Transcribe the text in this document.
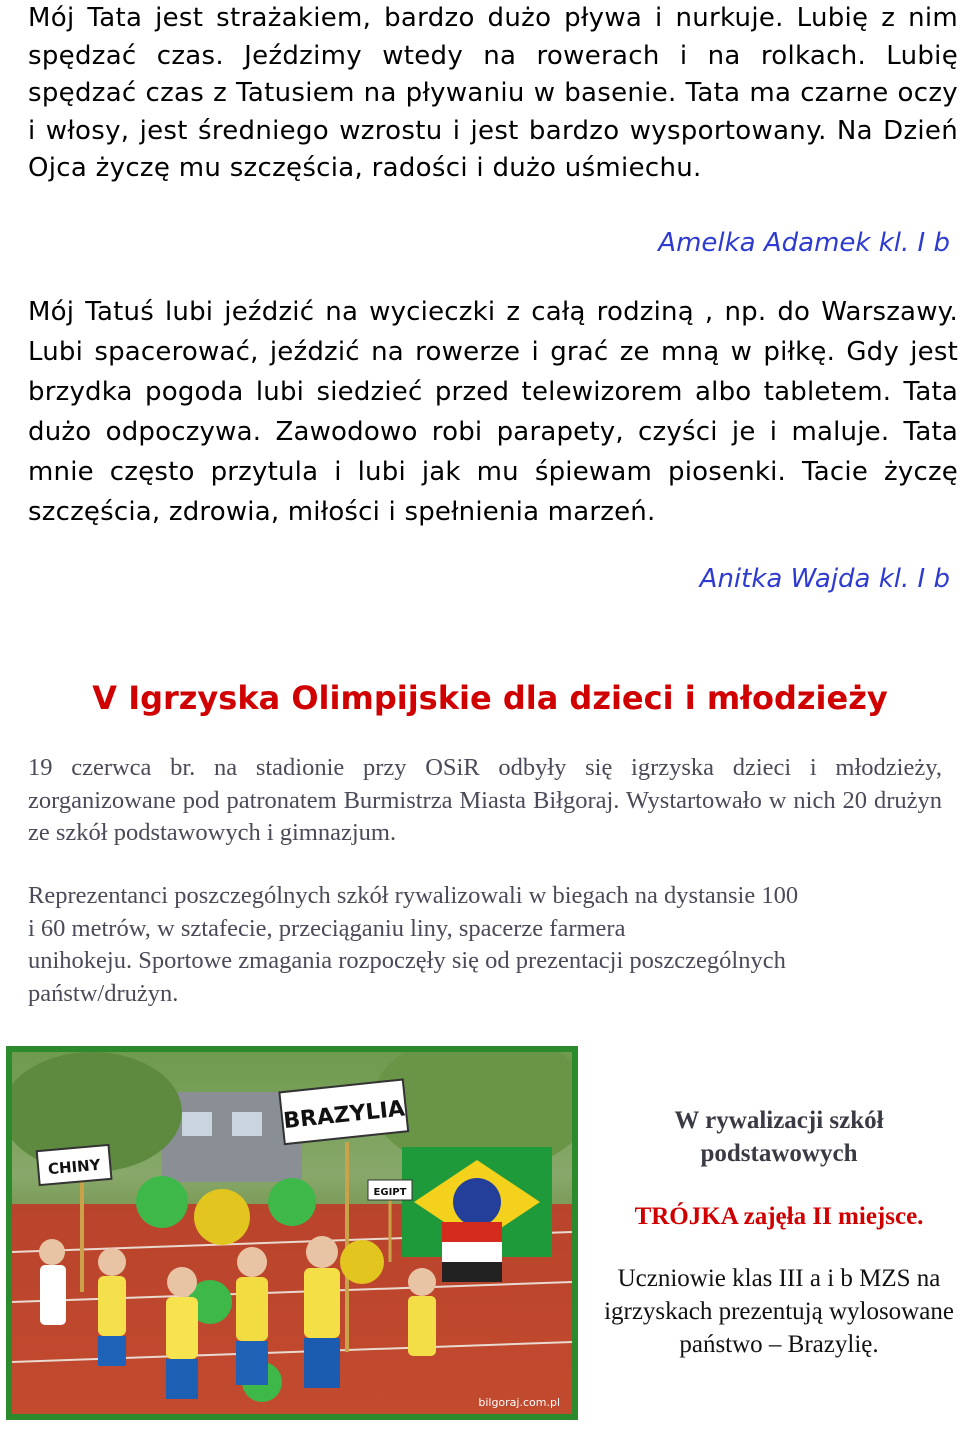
Mój Tata jest strażakiem, bardzo dużo pływa i nurkuje. Lubię z nim spędzać czas. Jeździmy wtedy na rowerach i na rolkach. Lubię spędzać czas z Tatusiem na pływaniu w basenie. Tata ma czarne oczy i włosy, jest średniego wzrostu i jest bardzo wysportowany. Na Dzień Ojca życzę mu szczęścia, radości i dużo uśmiechu.

Amelka Adamek kl. I b

Mój Tatuś lubi jeździć na wycieczki z całą rodziną , np. do Warszawy. Lubi spacerować, jeździć na rowerze i grać ze mną w piłkę. Gdy jest brzydka pogoda lubi siedzieć przed telewizorem albo tabletem. Tata dużo odpoczywa. Zawodowo robi parapety, czyści je i maluje. Tata mnie często przytula i lubi jak mu śpiewam piosenki. Tacie życzę szczęścia, zdrowia, miłości i spełnienia marzeń.

Anitka Wajda kl. I b
V Igrzyska Olimpijskie dla dzieci i młodzieży

19 czerwca br. na stadionie przy OSiR odbyły się igrzyska dzieci i młodzieży, zorganizowane pod patronatem Burmistrza Miasta Biłgoraj. Wystartowało w nich 20 drużyn ze szkół podstawowych i gimnazjum.

Reprezentanci poszczególnych szkół rywalizowali w biegach na dystansie 100
i 60 metrów, w sztafecie, przeciąganiu liny, spacerze farmera
unihokeju. Sportowe zmagania rozpoczęły się od prezentacji poszczególnych
państw/drużyn.
BRAZYLIA
CHINY
EGIPT
bilgoraj.com.pl

W rywalizacji szkół podstawowych

TRÓJKA zajęła II miejsce.

Uczniowie klas III a i b MZS na igrzyskach prezentują wylosowane państwo – Brazylię.
